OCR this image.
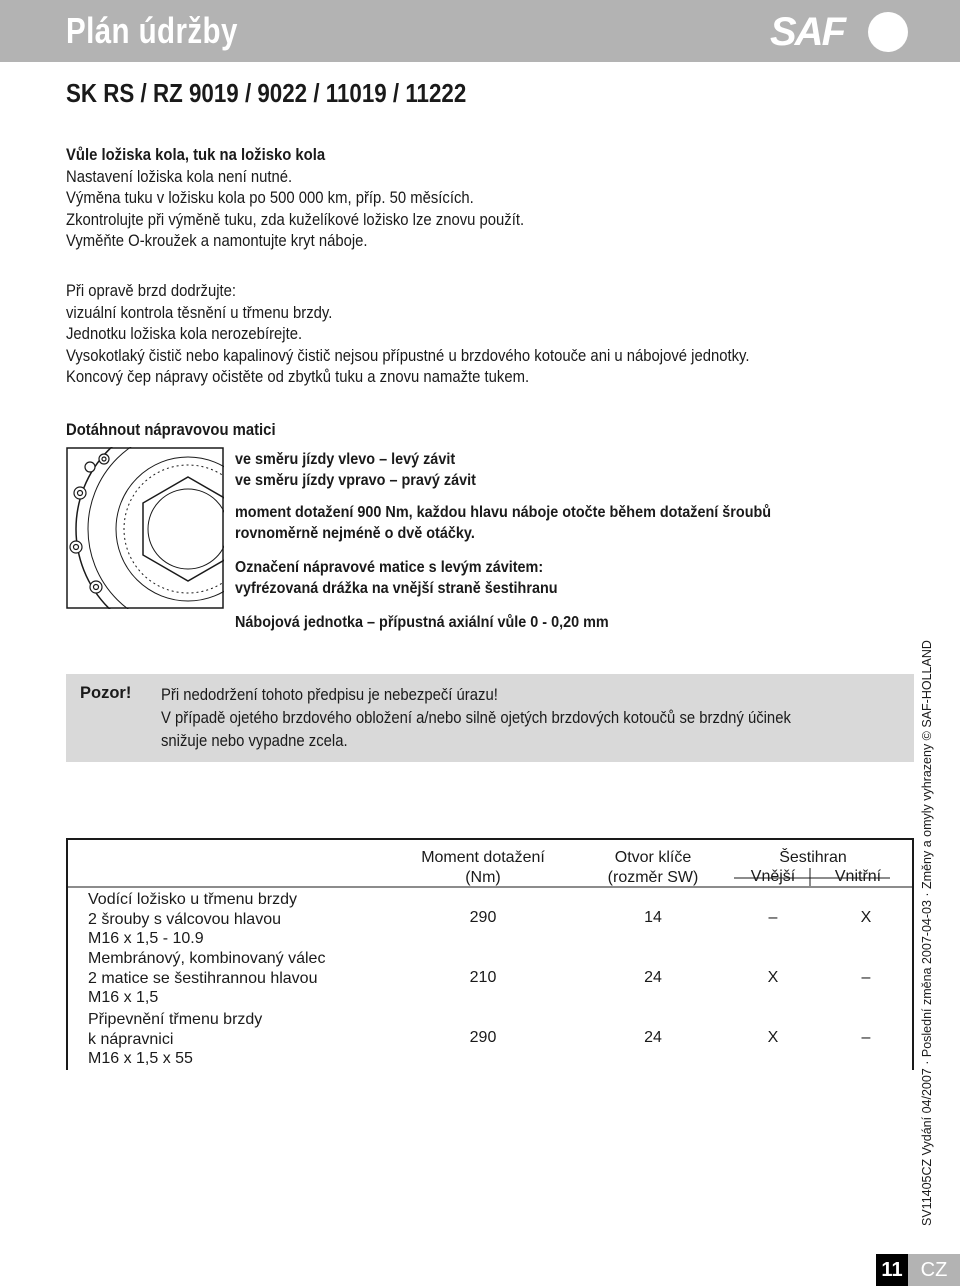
Plán údržby	SAF
SK RS / RZ 9019 / 9022 / 11019 / 11222
Vůle ložiska kola, tuk na ložisko kola
Nastavení ložiska kola není nutné.
Výměna tuku v ložisku kola po 500 000 km, příp. 50 měsících.
Zkontrolujte při výměně tuku, zda kuželíkové ložisko lze znovu použít.
Vyměňte O-kroužek a namontujte kryt náboje.
Při opravě brzd dodržujte:
vizuální kontrola těsnění u třmenu brzdy.
Jednotku ložiska kola nerozebírejte.
Vysokotlaký čistič nebo kapalinový čistič nejsou přípustné u brzdového kotouče ani u nábojové jednotky.
Koncový čep nápravy očistěte od zbytků tuku a znovu namažte tukem.
Dotáhnout nápravovou matici
ve směru jízdy vlevo – levý závit
ve směru jízdy vpravo – pravý závit
moment dotažení 900 Nm, každou hlavu náboje otočte během dotažení šroubů
rovnoměrně nejméně o dvě otáčky.
Označení nápravové matice s levým závitem:
vyfrézovaná drážka na vnější straně šestihranu
Nábojová jednotka – přípustná axiální vůle 0 - 0,20 mm
Pozor! Při nedodržení tohoto předpisu je nebezpečí úrazu!
V případě ojetého brzdového obložení a/nebo silně ojetých brzdových kotoučů se brzdný účinek
snižuje nebo vypadne zcela.
Moment dotažení
(Nm)
Otvor klíče
(rozměr SW)
Šestihran
Vnější	Vnitřní
Vodící ložisko u třmenu brzdy
2 šrouby s válcovou hlavou
M16 x 1,5 - 10.9
290	14	–	X
Membránový, kombinovaný válec
2 matice se šestihrannou hlavou
M16 x 1,5
210	24	X	–
Připevnění třmenu brzdy
k nápravnici
M16 x 1,5 x 55
290	24	X	–	SV11405CZ Vydání 04/2007 · Poslední změna 2007-04-03 · Změny a omyly vyhrazeny © SAF-HOLLAND
11 CZ
